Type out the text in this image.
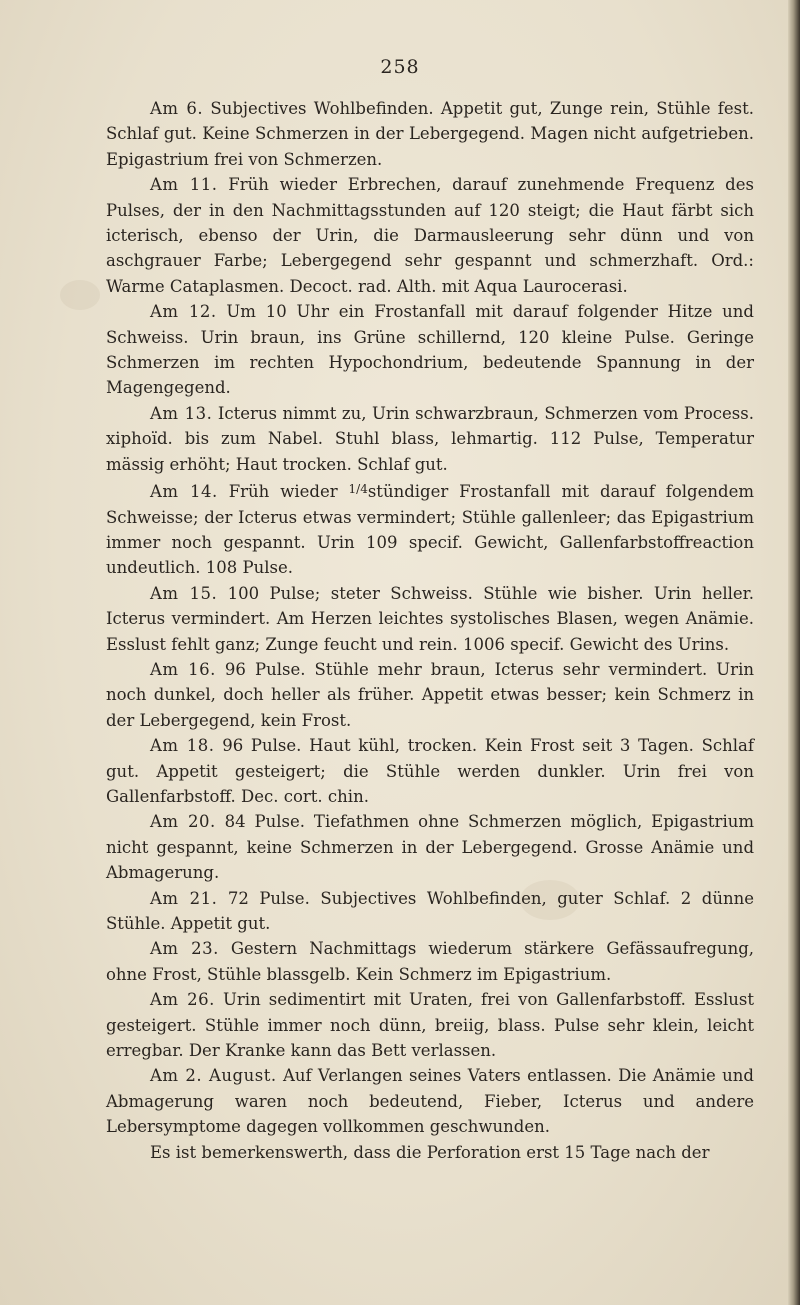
258

Am 6. Subjectives Wohlbefinden. Appetit gut, Zunge rein, Stühle fest. Schlaf gut. Keine Schmerzen in der Lebergegend. Magen nicht aufgetrieben. Epigastrium frei von Schmerzen.

Am 11. Früh wieder Erbrechen, darauf zunehmende Frequenz des Pulses, der in den Nachmittagsstunden auf 120 steigt; die Haut färbt sich icterisch, ebenso der Urin, die Darmausleerung sehr dünn und von aschgrauer Farbe; Lebergegend sehr gespannt und schmerzhaft. Ord.: Warme Cataplasmen. Decoct. rad. Alth. mit Aqua Laurocerasi.

Am 12. Um 10 Uhr ein Frostanfall mit darauf folgender Hitze und Schweiss. Urin braun, ins Grüne schillernd, 120 kleine Pulse. Geringe Schmerzen im rechten Hypochondrium, bedeutende Spannung in der Magengegend.

Am 13. Icterus nimmt zu, Urin schwarzbraun, Schmerzen vom Process. xiphoïd. bis zum Nabel. Stuhl blass, lehmartig. 112 Pulse, Temperatur mässig erhöht; Haut trocken. Schlaf gut.

Am 14. Früh wieder $^{1/4}$stündiger Frostanfall mit darauf folgendem Schweisse; der Icterus etwas vermindert; Stühle gallenleer; das Epigastrium immer noch gespannt. Urin 109 specif. Gewicht, Gallenfarbstoffreaction undeutlich. 108 Pulse.

Am 15. 100 Pulse; steter Schweiss. Stühle wie bisher. Urin heller. Icterus vermindert. Am Herzen leichtes systolisches Blasen, wegen Anämie. Esslust fehlt ganz; Zunge feucht und rein. 1006 specif. Gewicht des Urins.

Am 16. 96 Pulse. Stühle mehr braun, Icterus sehr vermindert. Urin noch dunkel, doch heller als früher. Appetit etwas besser; kein Schmerz in der Lebergegend, kein Frost.

Am 18. 96 Pulse. Haut kühl, trocken. Kein Frost seit 3 Tagen. Schlaf gut. Appetit gesteigert; die Stühle werden dunkler. Urin frei von Gallenfarbstoff. Dec. cort. chin.

Am 20. 84 Pulse. Tiefathmen ohne Schmerzen möglich, Epigastrium nicht gespannt, keine Schmerzen in der Lebergegend. Grosse Anämie und Abmagerung.

Am 21. 72 Pulse. Subjectives Wohlbefinden, guter Schlaf. 2 dünne Stühle. Appetit gut.

Am 23. Gestern Nachmittags wiederum stärkere Gefässaufregung, ohne Frost, Stühle blassgelb. Kein Schmerz im Epigastrium.

Am 26. Urin sedimentirt mit Uraten, frei von Gallenfarbstoff. Esslust gesteigert. Stühle immer noch dünn, breiig, blass. Pulse sehr klein, leicht erregbar. Der Kranke kann das Bett verlassen.

Am 2. August. Auf Verlangen seines Vaters entlassen. Die Anämie und Abmagerung waren noch bedeutend, Fieber, Icterus und andere Lebersymptome dagegen vollkommen geschwunden.

Es ist bemerkenswerth, dass die Perforation erst 15 Tage nach der
